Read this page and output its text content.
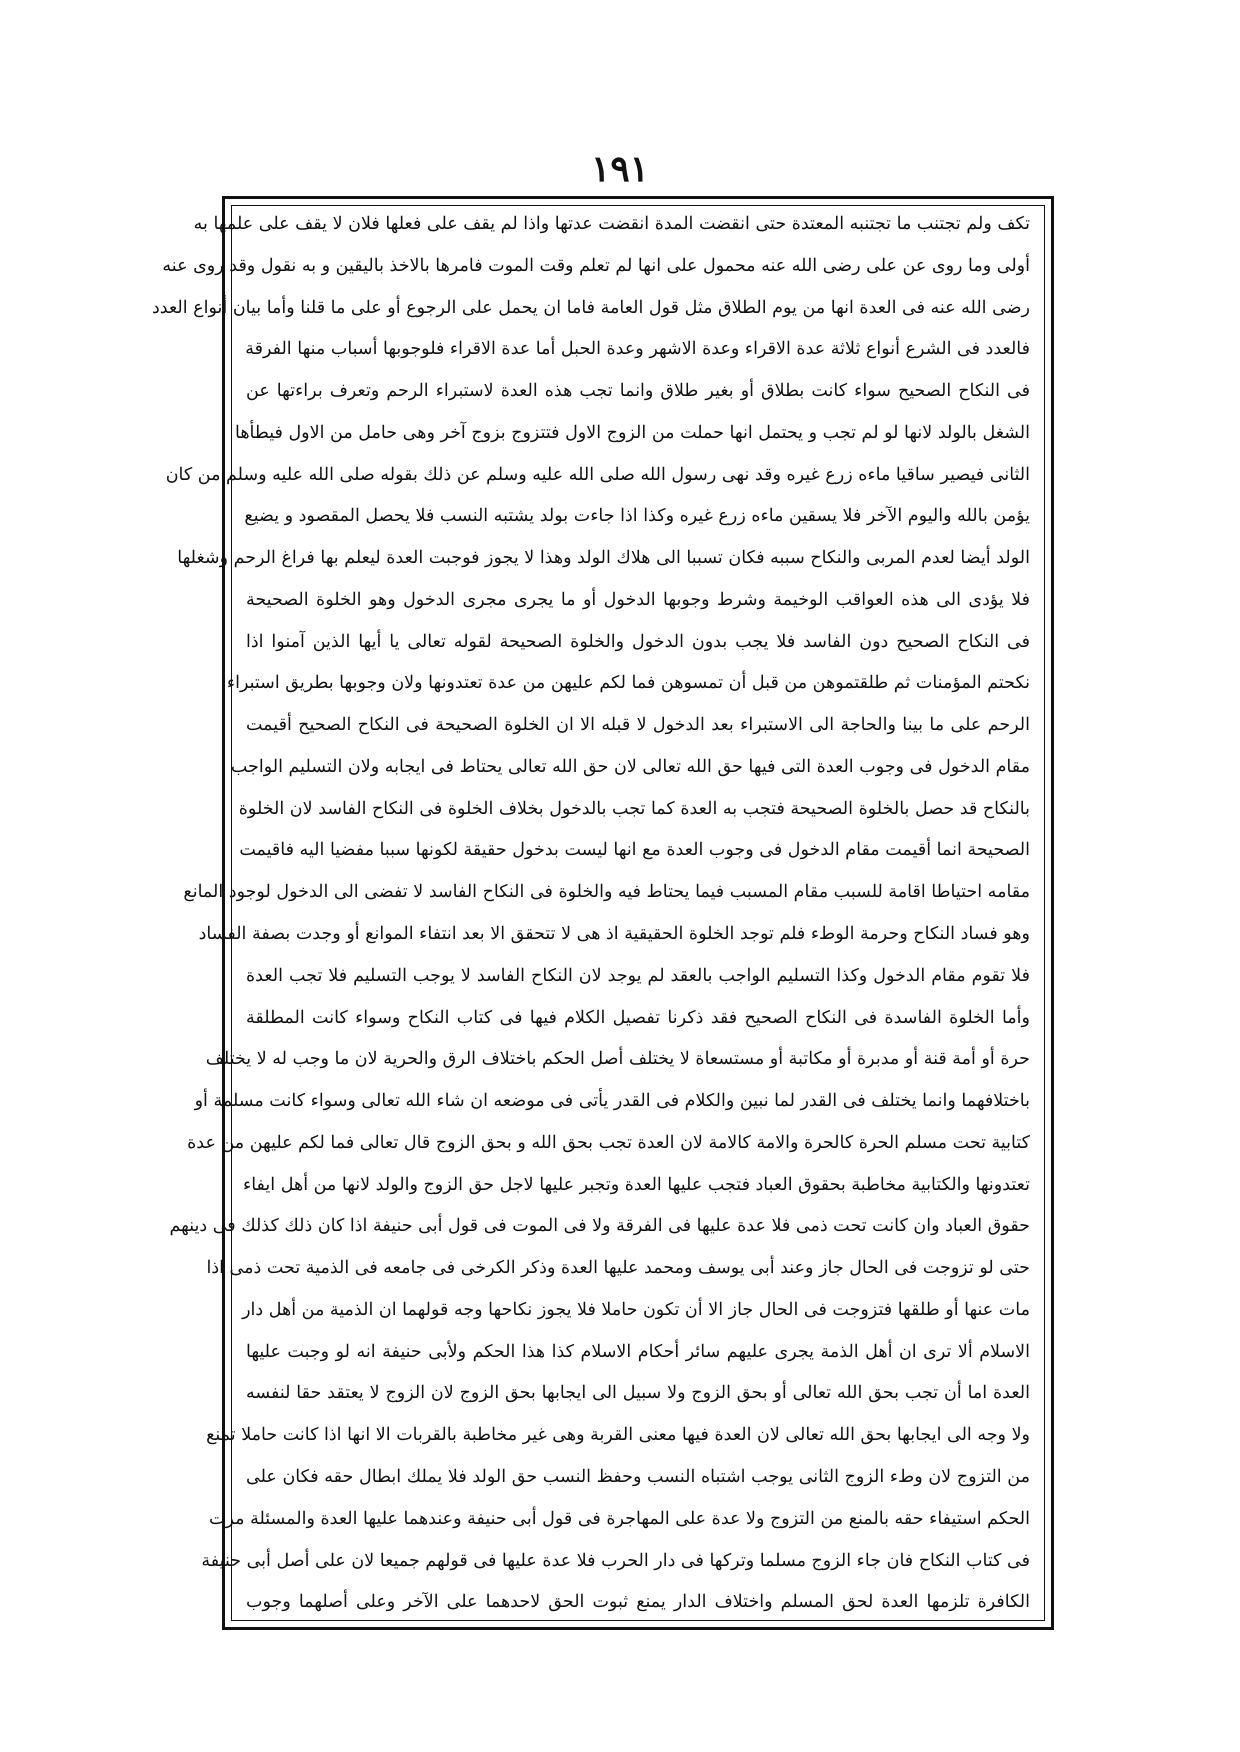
١٩١
تكف ولم تجتنب ما تجتنبه المعتدة حتى انقضت المدة انقضت عدتها واذا لم يقف على فعلها فلان لا يقف على علمها به
أولى وما روى عن على رضى الله عنه محمول على انها لم تعلم وقت الموت فامرها بالاخذ باليقين و به نقول وقد روى عنه
رضى الله عنه فى العدة انها من يوم الطلاق مثل قول العامة فاما ان يحمل على الرجوع أو على ما قلنا وأما بيان أنواع العدد
فالعدد فى الشرع أنواع ثلاثة عدة الاقراء وعدة الاشهر وعدة الحبل أما عدة الاقراء فلوجوبها أسباب منها الفرقة
فى النكاح الصحيح سواء كانت بطلاق أو بغير طلاق وانما تجب هذه العدة لاستبراء الرحم وتعرف براءتها عن
الشغل بالولد لانها لو لم تجب و يحتمل انها حملت من الزوج الاول فتتزوج بزوج آخر وهى حامل من الاول فيطأها
الثانى فيصير ساقيا ماءه زرع غيره وقد نهى رسول الله صلى الله عليه وسلم عن ذلك بقوله صلى الله عليه وسلم من كان
يؤمن بالله واليوم الآخر فلا يسقين ماءه زرع غيره وكذا اذا جاءت بولد يشتبه النسب فلا يحصل المقصود و يضيع
الولد أيضا لعدم المربى والنكاح سببه فكان تسببا الى هلاك الولد وهذا لا يجوز فوجبت العدة ليعلم بها فراغ الرحم وشغلها
فلا يؤدى الى هذه العواقب الوخيمة وشرط وجوبها الدخول أو ما يجرى مجرى الدخول وهو الخلوة الصحيحة
فى النكاح الصحيح دون الفاسد فلا يجب بدون الدخول والخلوة الصحيحة لقوله تعالى يا أيها الذين آمنوا اذا
نكحتم المؤمنات ثم طلقتموهن من قبل أن تمسوهن فما لكم عليهن من عدة تعتدونها ولان وجوبها بطريق استبراء
الرحم على ما بينا والحاجة الى الاستبراء بعد الدخول لا قبله الا ان الخلوة الصحيحة فى النكاح الصحيح أقيمت
مقام الدخول فى وجوب العدة التى فيها حق الله تعالى لان حق الله تعالى يحتاط فى ايجابه ولان التسليم الواجب
بالنكاح قد حصل بالخلوة الصحيحة فتجب به العدة كما تجب بالدخول بخلاف الخلوة فى النكاح الفاسد لان الخلوة
الصحيحة انما أقيمت مقام الدخول فى وجوب العدة مع انها ليست بدخول حقيقة لكونها سببا مفضيا اليه فاقيمت
مقامه احتياطا اقامة للسبب مقام المسبب فيما يحتاط فيه والخلوة فى النكاح الفاسد لا تفضى الى الدخول لوجود المانع
وهو فساد النكاح وحرمة الوطء فلم توجد الخلوة الحقيقية اذ هى لا تتحقق الا بعد انتفاء الموانع أو وجدت بصفة الفساد
فلا تقوم مقام الدخول وكذا التسليم الواجب بالعقد لم يوجد لان النكاح الفاسد لا يوجب التسليم فلا تجب العدة
وأما الخلوة الفاسدة فى النكاح الصحيح فقد ذكرنا تفصيل الكلام فيها فى كتاب النكاح وسواء كانت المطلقة
حرة أو أمة قنة أو مدبرة أو مكاتبة أو مستسعاة لا يختلف أصل الحكم باختلاف الرق والحرية لان ما وجب له لا يختلف
باختلافهما وانما يختلف فى القدر لما نبين والكلام فى القدر يأتى فى موضعه ان شاء الله تعالى وسواء كانت مسلمة أو
كتابية تحت مسلم الحرة كالحرة والامة كالامة لان العدة تجب بحق الله و بحق الزوج قال تعالى فما لكم عليهن من عدة
تعتدونها والكتابية مخاطبة بحقوق العباد فتجب عليها العدة وتجبر عليها لاجل حق الزوج والولد لانها من أهل ايفاء
حقوق العباد وان كانت تحت ذمى فلا عدة عليها فى الفرقة ولا فى الموت فى قول أبى حنيفة اذا كان ذلك كذلك فى دينهم
حتى لو تزوجت فى الحال جاز وعند أبى يوسف ومحمد عليها العدة وذكر الكرخى فى جامعه فى الذمية تحت ذمى اذا
مات عنها أو طلقها فتزوجت فى الحال جاز الا أن تكون حاملا فلا يجوز نكاحها وجه قولهما ان الذمية من أهل دار
الاسلام ألا ترى ان أهل الذمة يجرى عليهم سائر أحكام الاسلام كذا هذا الحكم ولأبى حنيفة انه لو وجبت عليها
العدة اما أن تجب بحق الله تعالى أو بحق الزوج ولا سبيل الى ايجابها بحق الزوج لان الزوج لا يعتقد حقا لنفسه
ولا وجه الى ايجابها بحق الله تعالى لان العدة فيها معنى القربة وهى غير مخاطبة بالقربات الا انها اذا كانت حاملا تمنع
من التزوج لان وطء الزوج الثانى يوجب اشتباه النسب وحفظ النسب حق الولد فلا يملك ابطال حقه فكان على
الحكم استيفاء حقه بالمنع من التزوج ولا عدة على المهاجرة فى قول أبى حنيفة وعندهما عليها العدة والمسئلة مرت
فى كتاب النكاح فان جاء الزوج مسلما وتركها فى دار الحرب فلا عدة عليها فى قولهم جميعا لان على أصل أبى حنيفة
الكافرة تلزمها العدة لحق المسلم واختلاف الدار يمنع ثبوت الحق لاحدهما على الآخر وعلى أصلهما وجوب
